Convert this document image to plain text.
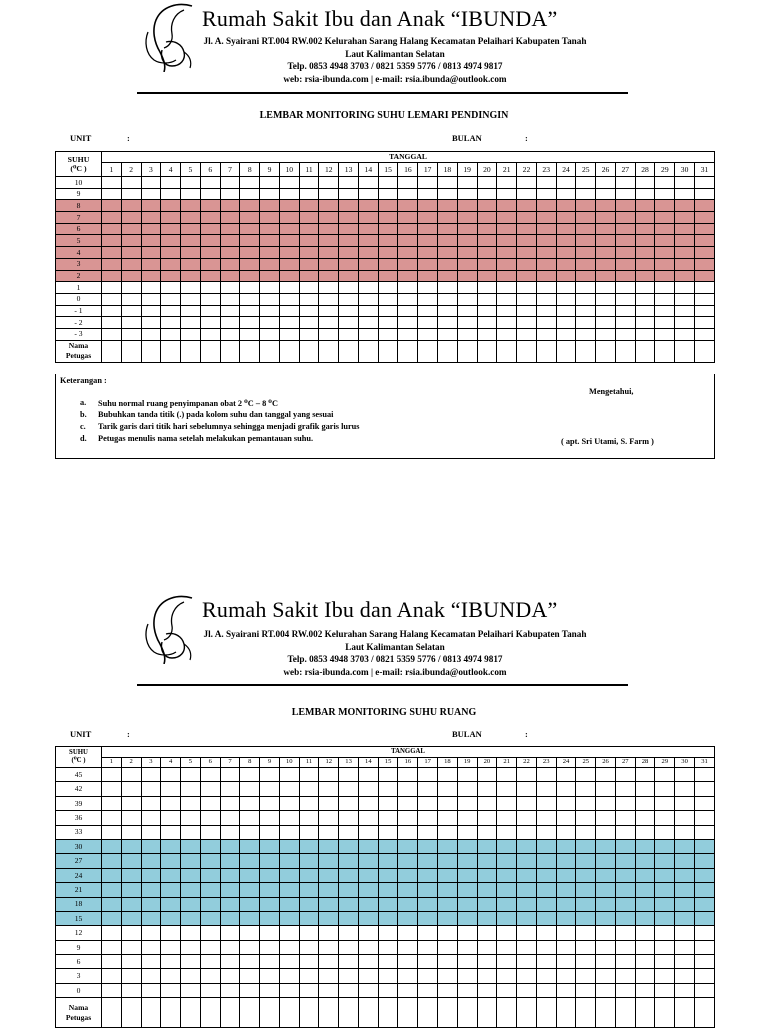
Rumah Sakit Ibu dan Anak “IBUNDA”
Jl. A. Syairani RT.004 RW.002 Kelurahan Sarang Halang Kecamatan Pelaihari Kabupaten Tanah
Laut Kalimantan Selatan
Telp. 0853 4948 3703 / 0821 5359 5776 / 0813 4974 9817
web: rsia-ibunda.com | e-mail: rsia.ibunda@outlook.com
LEMBAR MONITORING SUHU LEMARI PENDINGIN
UNIT	:	BULAN	:
SUHU
(⁰C )	TANGGAL																														
	1	2	3	4	5	6	7	8	9	10	11	12	13	14	15	16	17	18	19	20	21	22	23	24	25	26	27	28	29	30	31
10																															
9																															
8																															
7																															
6																															
5																															
4																															
3																															
2																															
1																															
0																															
- 1																															
- 2																															
- 3																															

Nama
Petugas																															

Keterangan :
a.	Suhu normal ruang penyimpanan obat 2 ⁰C – 8 ⁰C
b.	Bubuhkan tanda titik (.) pada kolom suhu dan tanggal yang sesuai
c.	Tarik garis dari titik hari sebelumnya sehingga menjadi grafik garis lurus
d.	Petugas menulis nama setelah melakukan pemantauan suhu.
Mengetahui,
( apt. Sri Utami, S. Farm )
Rumah Sakit Ibu dan Anak “IBUNDA”
Jl. A. Syairani RT.004 RW.002 Kelurahan Sarang Halang Kecamatan Pelaihari Kabupaten Tanah
Laut Kalimantan Selatan
Telp. 0853 4948 3703 / 0821 5359 5776 / 0813 4974 9817
web: rsia-ibunda.com | e-mail: rsia.ibunda@outlook.com
LEMBAR MONITORING SUHU RUANG
UNIT	:	BULAN	:
SUHU
(⁰C )	TANGGAL																														
	1	2	3	4	5	6	7	8	9	10	11	12	13	14	15	16	17	18	19	20	21	22	23	24	25	26	27	28	29	30	31
45																															
42																															
39																															
36																															
33																															
30																															
27																															
24																															
21																															
18																															
15																															
12																															
9																															
6																															
3																															
0																															

Nama
Petugas																															
